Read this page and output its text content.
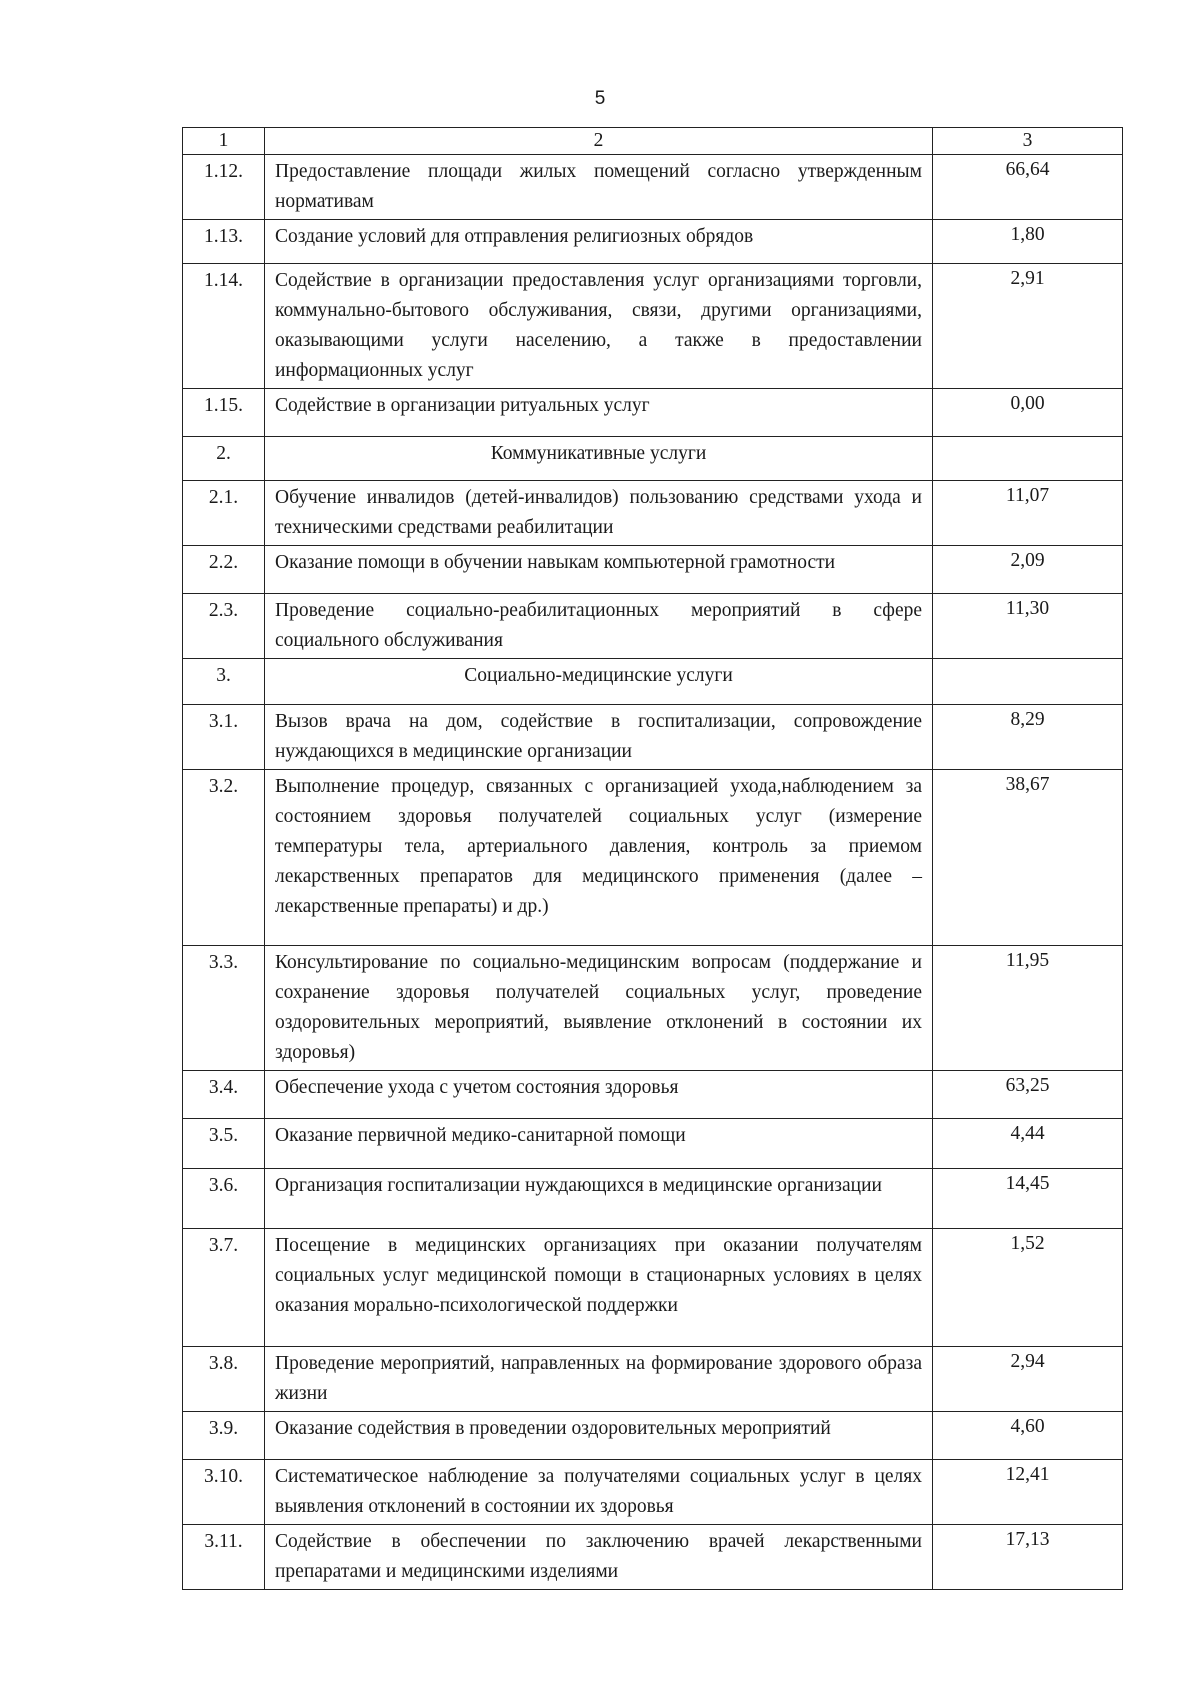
5
1	2	3
1.12.	Предоставление площади жилых помещений согласно утвержденным нормативам	66,64
1.13.	Создание условий для отправления религиозных обрядов	1,80
1.14.	Содействие в организации предоставления услуг организациями торговли, коммунально-бытового обслуживания, связи, другими организациями, оказывающими услуги населению, а также в предоставлении информационных услуг	2,91
1.15.	Содействие в организации ритуальных услуг	0,00
2.	Коммуникативные услуги	
2.1.	Обучение инвалидов (детей-инвалидов) пользованию средствами ухода и техническими средствами реабилитации	11,07
2.2.	Оказание помощи в обучении навыкам компьютерной грамотности	2,09
2.3.	Проведение социально-реабилитационных мероприятий в сфере социального обслуживания	11,30
3.	Социально-медицинские услуги	
3.1.	Вызов врача на дом, содействие в госпитализации, сопровождение нуждающихся в медицинские организации	8,29
3.2.	Выполнение процедур, связанных с организацией ухода,наблюдением за состоянием здоровья получателей социальных услуг (измерение температуры тела, артериального давления, контроль за приемом лекарственных препаратов для медицинского применения (далее – лекарственные препараты) и др.)	38,67
3.3.	Консультирование по социально-медицинским вопросам (поддержание и сохранение здоровья получателей социальных услуг, проведение оздоровительных мероприятий, выявление отклонений в состоянии их здоровья)	11,95
3.4.	Обеспечение ухода с учетом состояния здоровья	63,25
3.5.	Оказание первичной медико-санитарной помощи	4,44
3.6.	Организация госпитализации нуждающихся в медицинские организации	14,45
3.7.	Посещение в медицинских организациях при оказании получателям социальных услуг медицинской помощи в стационарных условиях в целях оказания морально-психологической поддержки	1,52
3.8.	Проведение мероприятий, направленных на формирование здорового образа жизни	2,94
3.9.	Оказание содействия в проведении оздоровительных мероприятий	4,60
3.10.	Систематическое наблюдение за получателями социальных услуг в целях выявления отклонений в состоянии их здоровья	12,41
3.11.	Содействие в обеспечении по заключению врачей лекарственными препаратами и медицинскими изделиями	17,13
